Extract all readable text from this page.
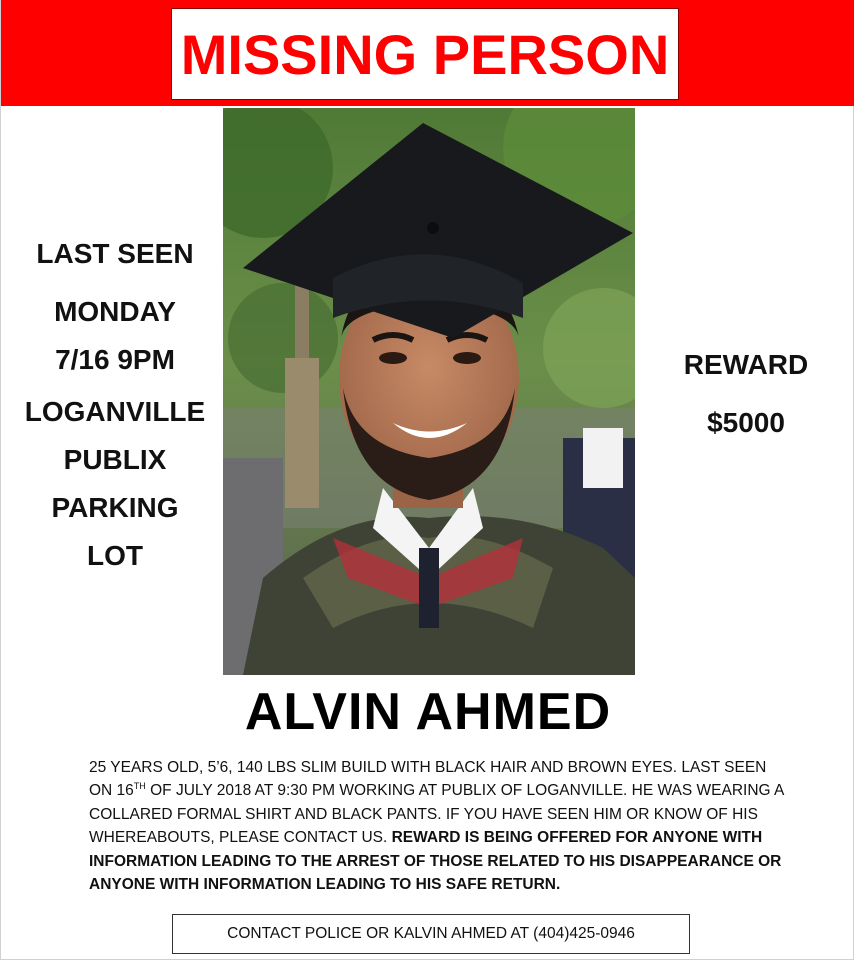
MISSING PERSON
LAST SEEN
MONDAY
7/16 9PM
LOGANVILLE
PUBLIX
PARKING
LOT
REWARD
$5000
ALVIN AHMED
25 YEARS OLD, 5’6, 140 LBS SLIM BUILD WITH BLACK HAIR AND BROWN EYES. LAST SEEN ON 16TH OF JULY 2018 AT 9:30 PM WORKING AT PUBLIX OF LOGANVILLE. HE WAS WEARING A COLLARED FORMAL SHIRT AND BLACK PANTS. IF YOU HAVE SEEN HIM OR KNOW OF HIS WHEREABOUTS, PLEASE CONTACT US. REWARD IS BEING OFFERED FOR ANYONE WITH INFORMATION LEADING TO THE ARREST OF THOSE RELATED TO HIS DISAPPEARANCE OR ANYONE WITH INFORMATION LEADING TO HIS SAFE RETURN.
CONTACT POLICE OR KALVIN AHMED AT (404)425-0946
